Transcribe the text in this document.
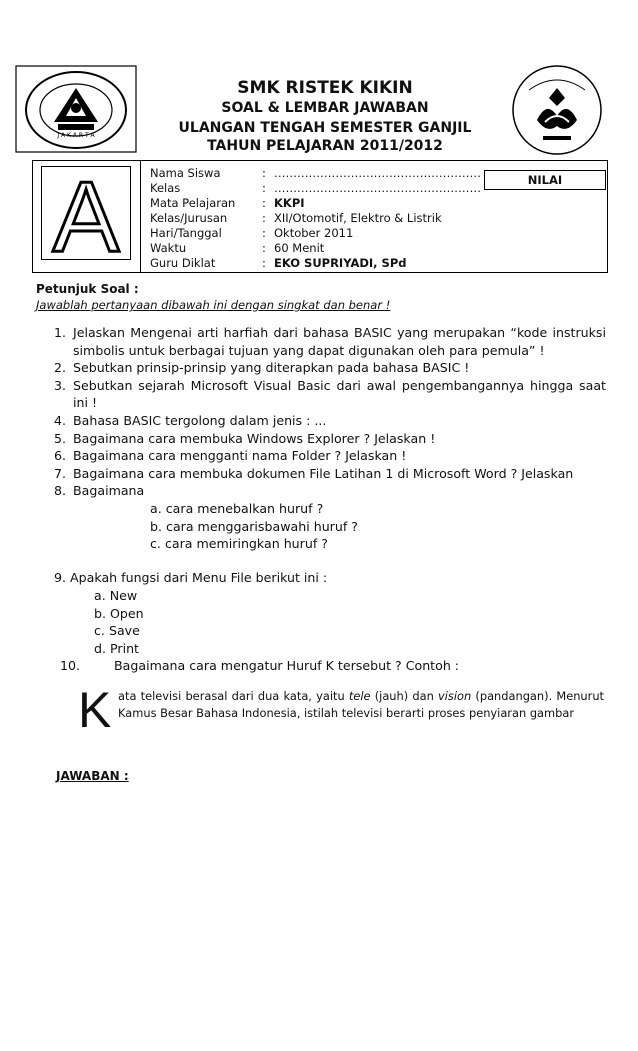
J A K A R T A
SMK RISTEK KIKIN
SOAL & LEMBAR JAWABAN
ULANGAN TENGAH SEMESTER GANJIL
TAHUN PELAJARAN 2011/2012
A	Nama Siswa	: ………………………………………………
Kelas	: ………………………………………………
Mata Pelajaran : KKPI
Kelas/Jurusan	: XII/Otomotif, Elektro & Listrik
Hari/Tanggal	: Oktober 2011
Waktu	: 60 Menit
Guru Diklat	: EKO SUPRIYADI, SPd
NILAI
Petunjuk Soal :
Jawablah pertanyaan dibawah ini dengan singkat dan benar !
1. Jelaskan Mengenai arti harfiah dari bahasa BASIC yang merupakan “kode instruksi simbolis untuk berbagai tujuan yang dapat digunakan oleh para pemula” !
2. Sebutkan prinsip-prinsip yang diterapkan pada bahasa BASIC !
3. Sebutkan sejarah Microsoft Visual Basic dari awal pengembangannya hingga saat ini !
4. Bahasa BASIC tergolong dalam jenis : ...
5. Bagaimana cara membuka Windows Explorer ? Jelaskan !
6. Bagaimana cara mengganti nama Folder ? Jelaskan !
7. Bagaimana cara membuka dokumen File Latihan 1 di Microsoft Word ? Jelaskan
8. Bagaimana
a. cara menebalkan huruf ?
b. cara menggarisbawahi huruf ?
c. cara memiringkan huruf ?
9. Apakah fungsi dari Menu File berikut ini :
a. New
b. Open
c. Save
d. Print
10.	Bagaimana cara mengatur Huruf K tersebut ? Contoh :
K ata televisi berasal dari dua kata, yaitu tele (jauh) dan vision (pandangan). Menurut Kamus Besar Bahasa Indonesia, istilah televisi berarti proses penyiaran gambar
JAWABAN :
